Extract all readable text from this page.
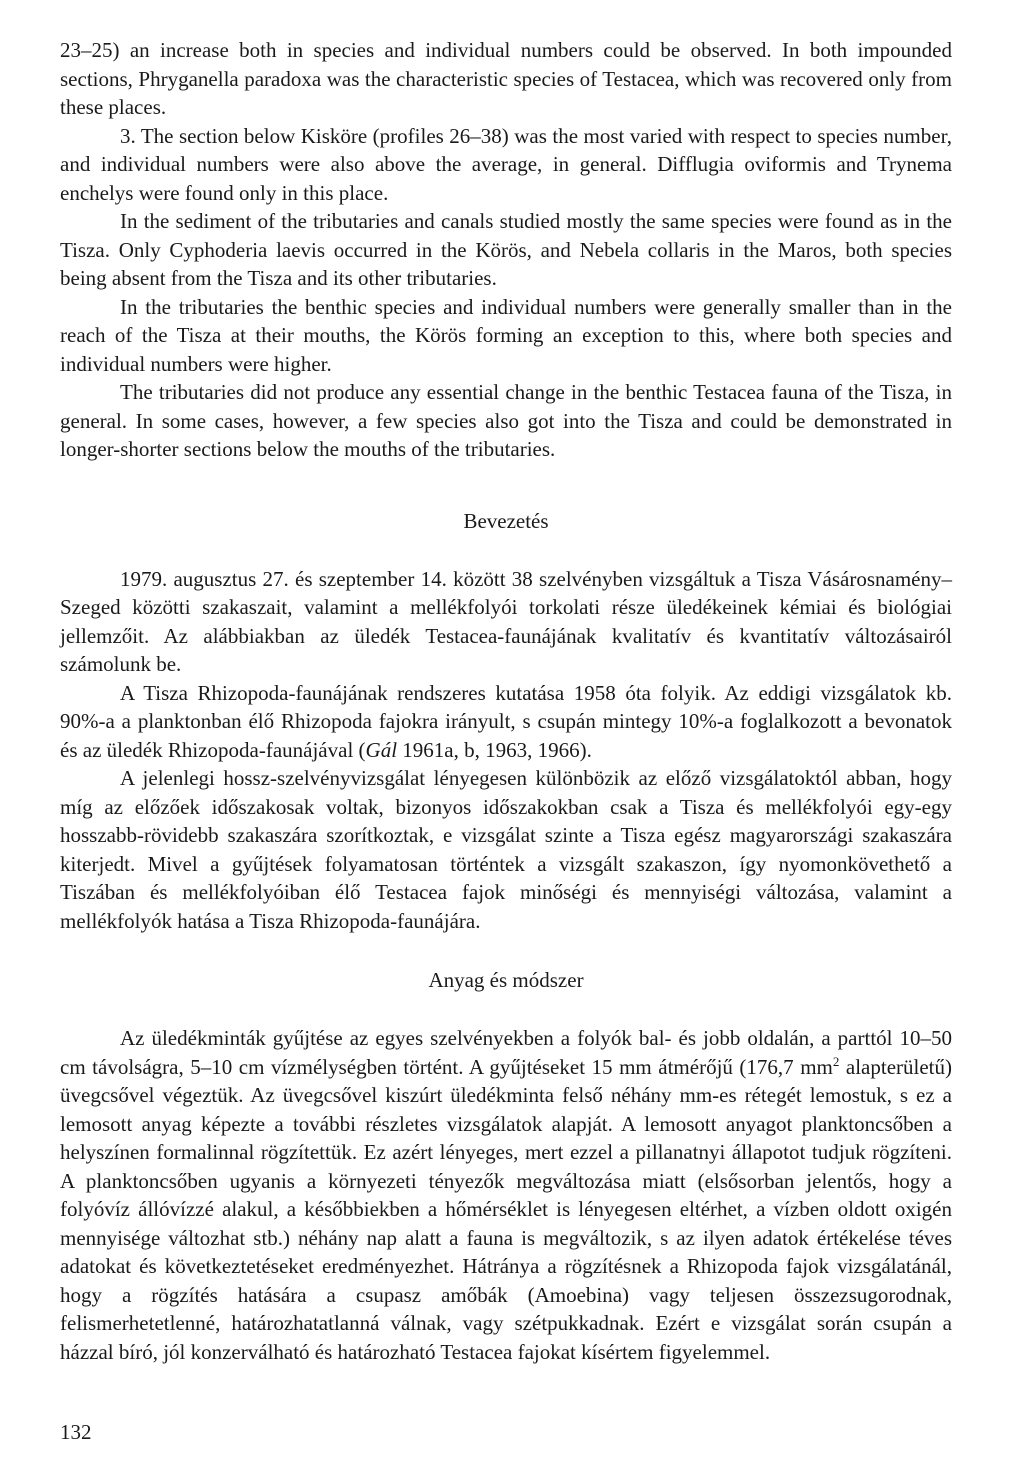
23–25) an increase both in species and individual numbers could be observed. In both impounded sections, Phryganella paradoxa was the characteristic species of Testacea, which was recovered only from these places.

3. The section below Kisköre (profiles 26–38) was the most varied with respect to species number, and individual numbers were also above the average, in general. Difflugia oviformis and Trynema enchelys were found only in this place.

In the sediment of the tributaries and canals studied mostly the same species were found as in the Tisza. Only Cyphoderia laevis occurred in the Körös, and Nebela collaris in the Maros, both species being absent from the Tisza and its other tributaries.

In the tributaries the benthic species and individual numbers were generally smaller than in the reach of the Tisza at their mouths, the Körös forming an exception to this, where both species and individual numbers were higher.

The tributaries did not produce any essential change in the benthic Testacea fauna of the Tisza, in general. In some cases, however, a few species also got into the Tisza and could be demonstrated in longer-shorter sections below the mouths of the tributaries.

Bevezetés

1979. augusztus 27. és szeptember 14. között 38 szelvényben vizsgáltuk a Tisza Vásárosnamény–Szeged közötti szakaszait, valamint a mellékfolyói torkolati része üledékeinek kémiai és biológiai jellemzőit. Az alábbiakban az üledék Testacea-faunájának kvalitatív és kvantitatív változásairól számolunk be.

A Tisza Rhizopoda-faunájának rendszeres kutatása 1958 óta folyik. Az eddigi vizsgálatok kb. 90%-a a planktonban élő Rhizopoda fajokra irányult, s csupán mintegy 10%-a foglalkozott a bevonatok és az üledék Rhizopoda-faunájával (Gál 1961a, b, 1963, 1966).

A jelenlegi hossz-szelvényvizsgálat lényegesen különbözik az előző vizsgálatoktól abban, hogy míg az előzőek időszakosak voltak, bizonyos időszakokban csak a Tisza és mellékfolyói egy-egy hosszabb-rövidebb szakaszára szorítkoztak, e vizsgálat szinte a Tisza egész magyarországi szakaszára kiterjedt. Mivel a gyűjtések folyamatosan történtek a vizsgált szakaszon, így nyomonkövethető a Tiszában és mellékfolyóiban élő Testacea fajok minőségi és mennyiségi változása, valamint a mellékfolyók hatása a Tisza Rhizopoda-faunájára.

Anyag és módszer

Az üledékminták gyűjtése az egyes szelvényekben a folyók bal- és jobb oldalán, a parttól 10–50 cm távolságra, 5–10 cm vízmélységben történt. A gyűjtéseket 15 mm átmérőjű (176,7 $mm^2$ alapterületű) üvegcsővel végeztük. Az üvegcsővel kiszúrt üledékminta felső néhány mm-es rétegét lemostuk, s ez a lemosott anyag képezte a további részletes vizsgálatok alapját. A lemosott anyagot planktoncsőben a helyszínen formalinnal rögzítettük. Ez azért lényeges, mert ezzel a pillanatnyi állapotot tudjuk rögzíteni. A planktoncsőben ugyanis a környezeti tényezők megváltozása miatt (elsősorban jelentős, hogy a folyóvíz állóvízzé alakul, a későbbiekben a hőmérséklet is lényegesen eltérhet, a vízben oldott oxigén mennyisége változhat stb.) néhány nap alatt a fauna is megváltozik, s az ilyen adatok értékelése téves adatokat és következtetéseket eredményezhet. Hátránya a rögzítésnek a Rhizopoda fajok vizsgálatánál, hogy a rögzítés hatására a csupasz amőbák (Amoebina) vagy teljesen összezsugorodnak, felismerhetetlenné, határozhatatlanná válnak, vagy szétpukkadnak. Ezért e vizsgálat során csupán a házzal bíró, jól konzerválható és határozható Testacea fajokat kísértem figyelemmel.

132
